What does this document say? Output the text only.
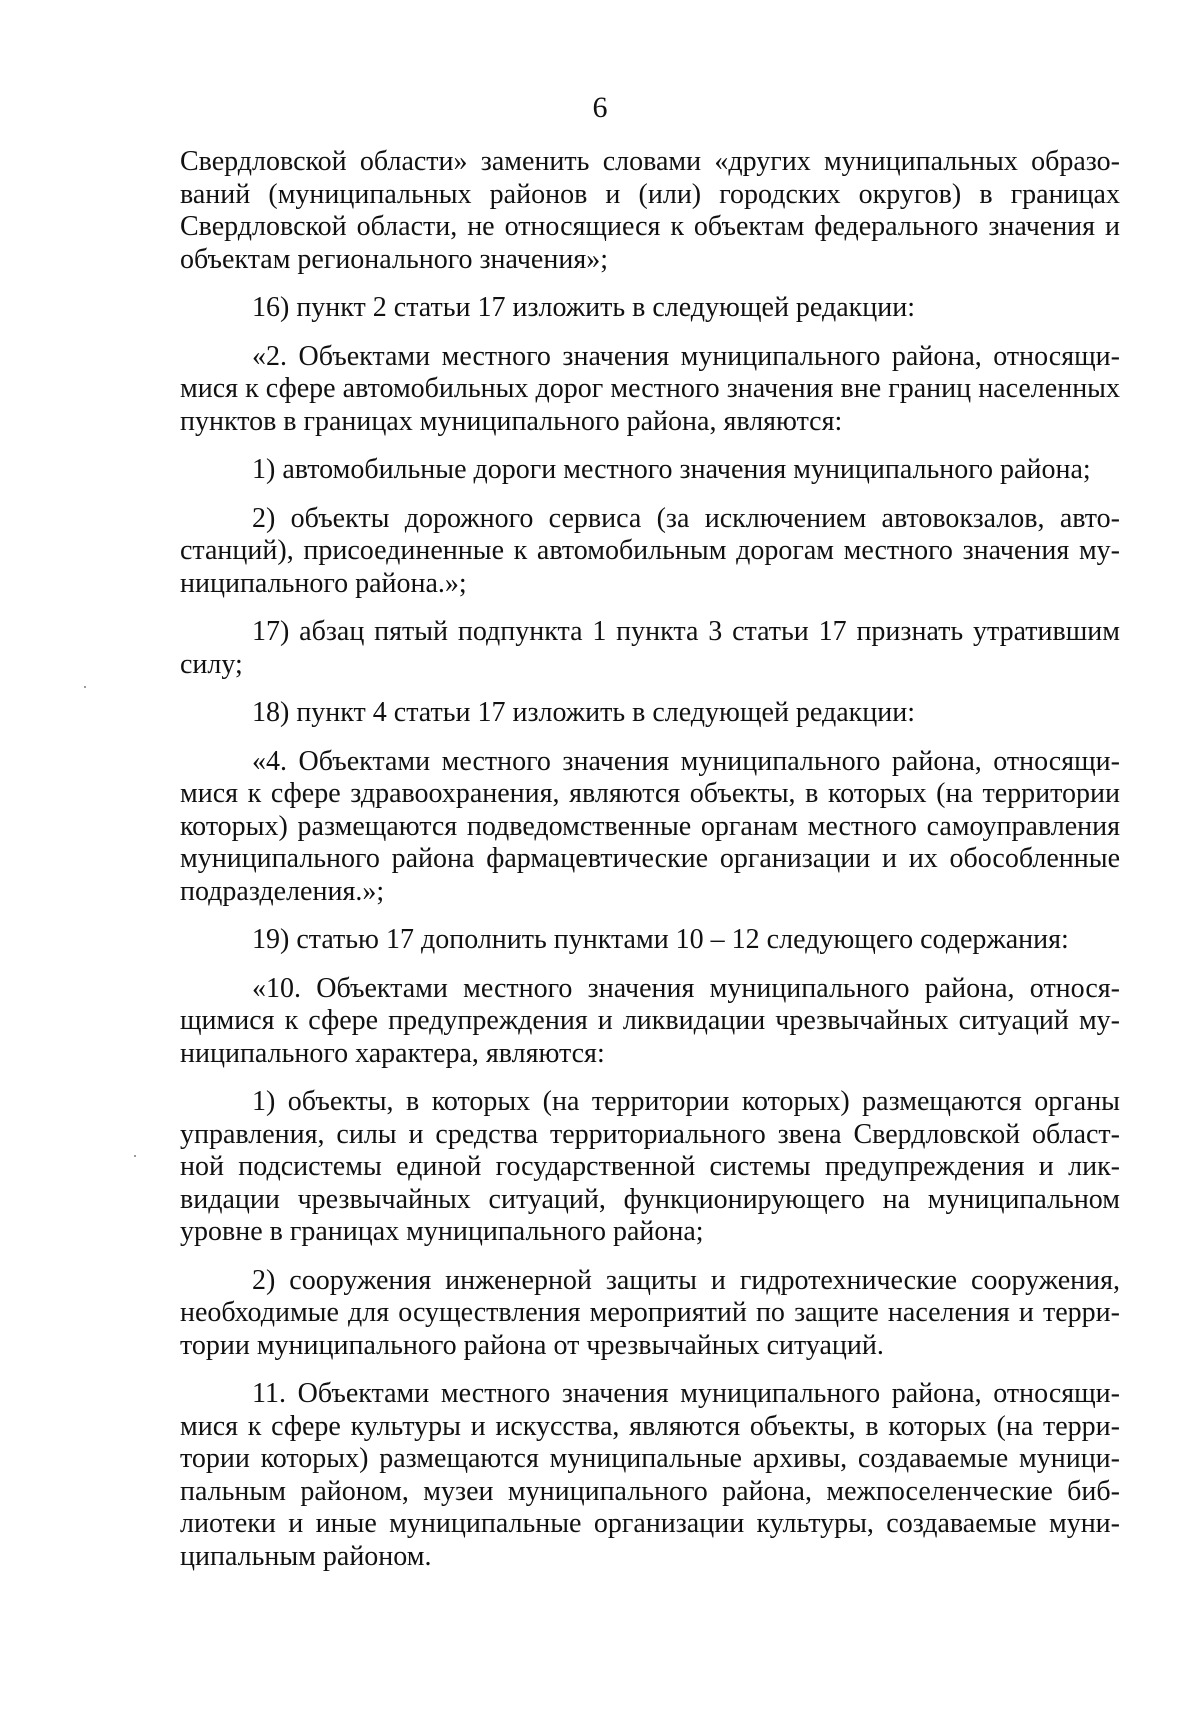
6

Свердловской области» заменить словами «других муниципальных образований (муниципальных районов и (или) городских округов) в границах Свердловской области, не относящиеся к объектам федерального значения и объектам регионального значения»;

16) пункт 2 статьи 17 изложить в следующей редакции:

«2. Объектами местного значения муниципального района, относящимися к сфере автомобильных дорог местного значения вне границ населенных пунктов в границах муниципального района, являются:

1) автомобильные дороги местного значения муниципального района;

2) объекты дорожного сервиса (за исключением автовокзалов, автостанций), присоединенные к автомобильным дорогам местного значения муниципального района.»;

17) абзац пятый подпункта 1 пункта 3 статьи 17 признать утратившим силу;

18) пункт 4 статьи 17 изложить в следующей редакции:

«4. Объектами местного значения муниципального района, относящимися к сфере здравоохранения, являются объекты, в которых (на территории которых) размещаются подведомственные органам местного самоуправления муниципального района фармацевтические организации и их обособленные подразделения.»;

19) статью 17 дополнить пунктами 10 – 12 следующего содержания:

«10. Объектами местного значения муниципального района, относящимися к сфере предупреждения и ликвидации чрезвычайных ситуаций муниципального характера, являются:

1) объекты, в которых (на территории которых) размещаются органы управления, силы и средства территориального звена Свердловской областной подсистемы единой государственной системы предупреждения и ликвидации чрезвычайных ситуаций, функционирующего на муниципальном уровне в границах муниципального района;

2) сооружения инженерной защиты и гидротехнические сооружения, необходимые для осуществления мероприятий по защите населения и территории муниципального района от чрезвычайных ситуаций.

11. Объектами местного значения муниципального района, относящимися к сфере культуры и искусства, являются объекты, в которых (на территории которых) размещаются муниципальные архивы, создаваемые муниципальным районом, музеи муниципального района, межпоселенческие библиотеки и иные муниципальные организации культуры, создаваемые муниципальным районом.
